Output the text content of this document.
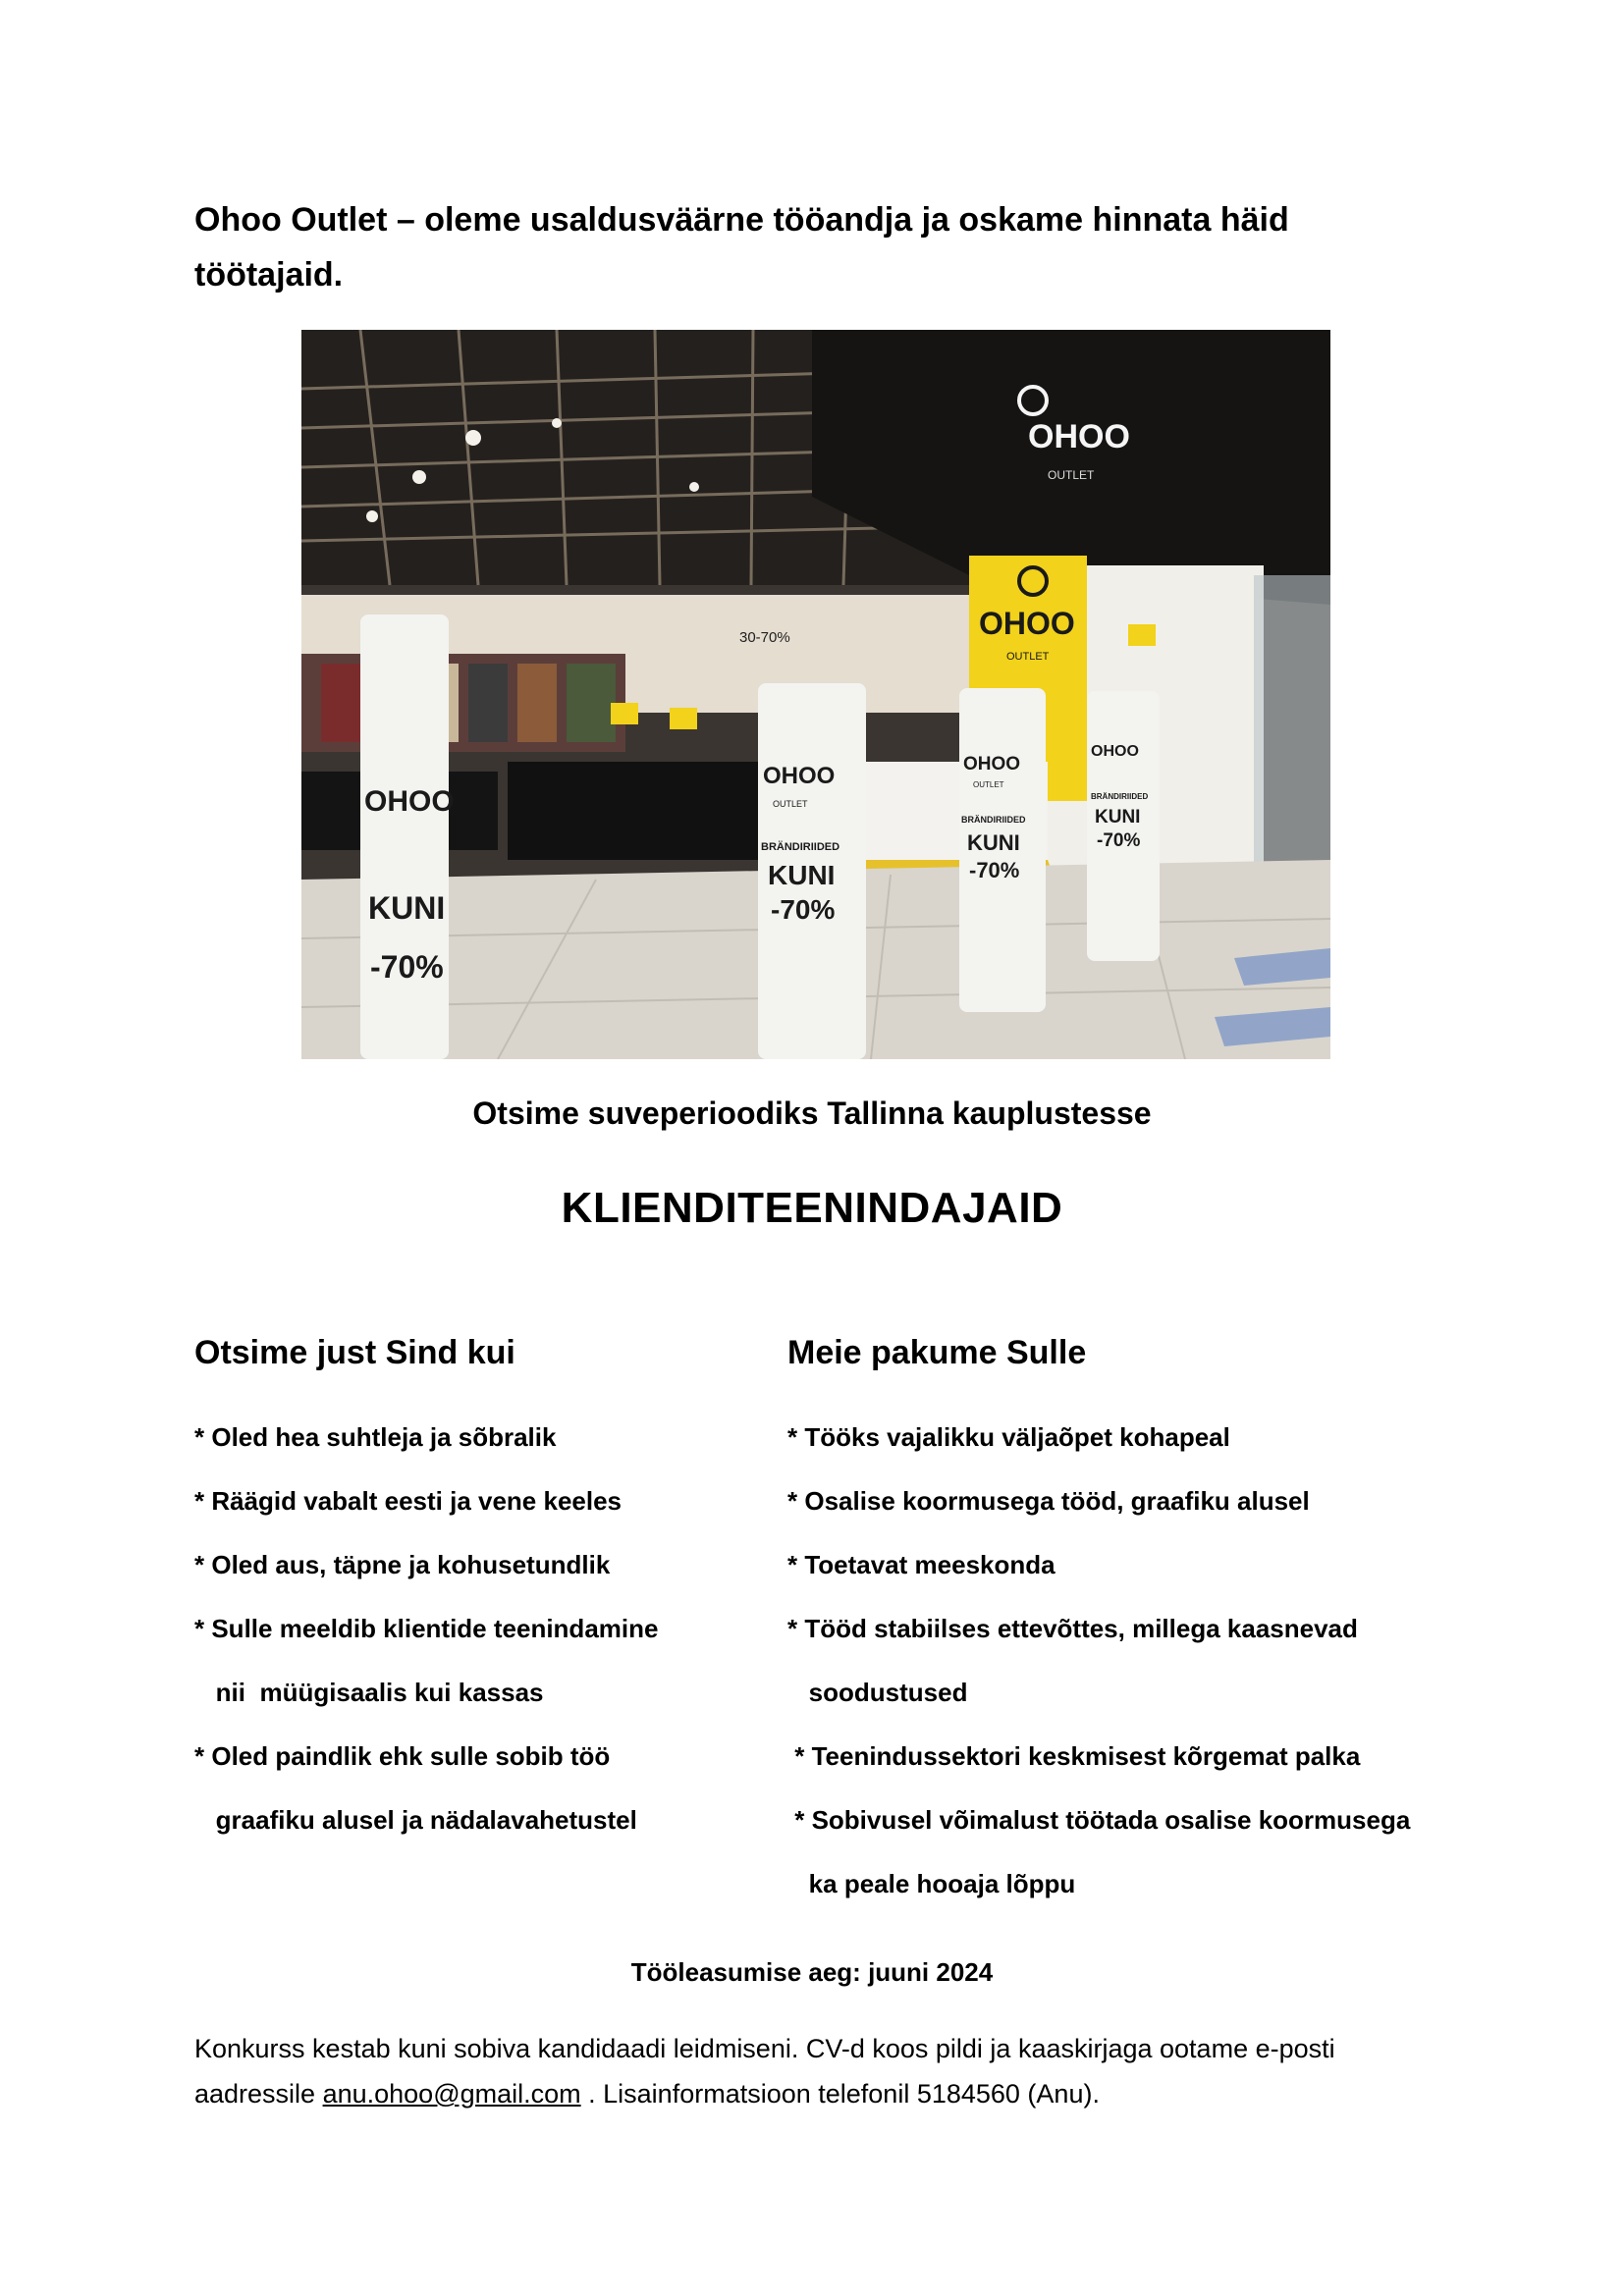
Ohoo Outlet – oleme usaldusväärne tööandja ja oskame hinnata häid töötajaid.
OHOO
OUTLET
OHOO
OUTLET
30-70%
OHOO
KUNI
-70%
OHOO
OUTLET
BRÄNDIRIIDED
KUNI
-70%
OHOO
OUTLET
BRÄNDIRIIDED
KUNI
-70%
OHOO
BRÄNDIRIIDED
KUNI
-70%

Otsime suveperioodiks Tallinna kauplustesse

KLIENDITEENINDAJAID

Otsime just Sind kui
* Oled hea suhtleja ja sõbralik
* Räägid vabalt eesti ja vene keeles
* Oled aus, täpne ja kohusetundlik
* Sulle meeldib klientide teenindamine
nii  müügisaalis kui kassas
* Oled paindlik ehk sulle sobib töö
graafiku alusel ja nädalavahetustel
Meie pakume Sulle
* Tööks vajalikku väljaõpet kohapeal
* Osalise koormusega tööd, graafiku alusel
* Toetavat meeskonda
* Tööd stabiilses ettevõttes, millega kaasnevad
soodustused
* Teenindussektori keskmisest kõrgemat palka
* Sobivusel võimalust töötada osalise koormusega
ka peale hooaja lõppu

Tööleasumise aeg: juuni 2024

Konkurss kestab kuni sobiva kandidaadi leidmiseni. CV-d koos pildi ja kaaskirjaga ootame e-posti aadressile anu.ohoo@gmail.com . Lisainformatsioon telefonil 5184560 (Anu).
